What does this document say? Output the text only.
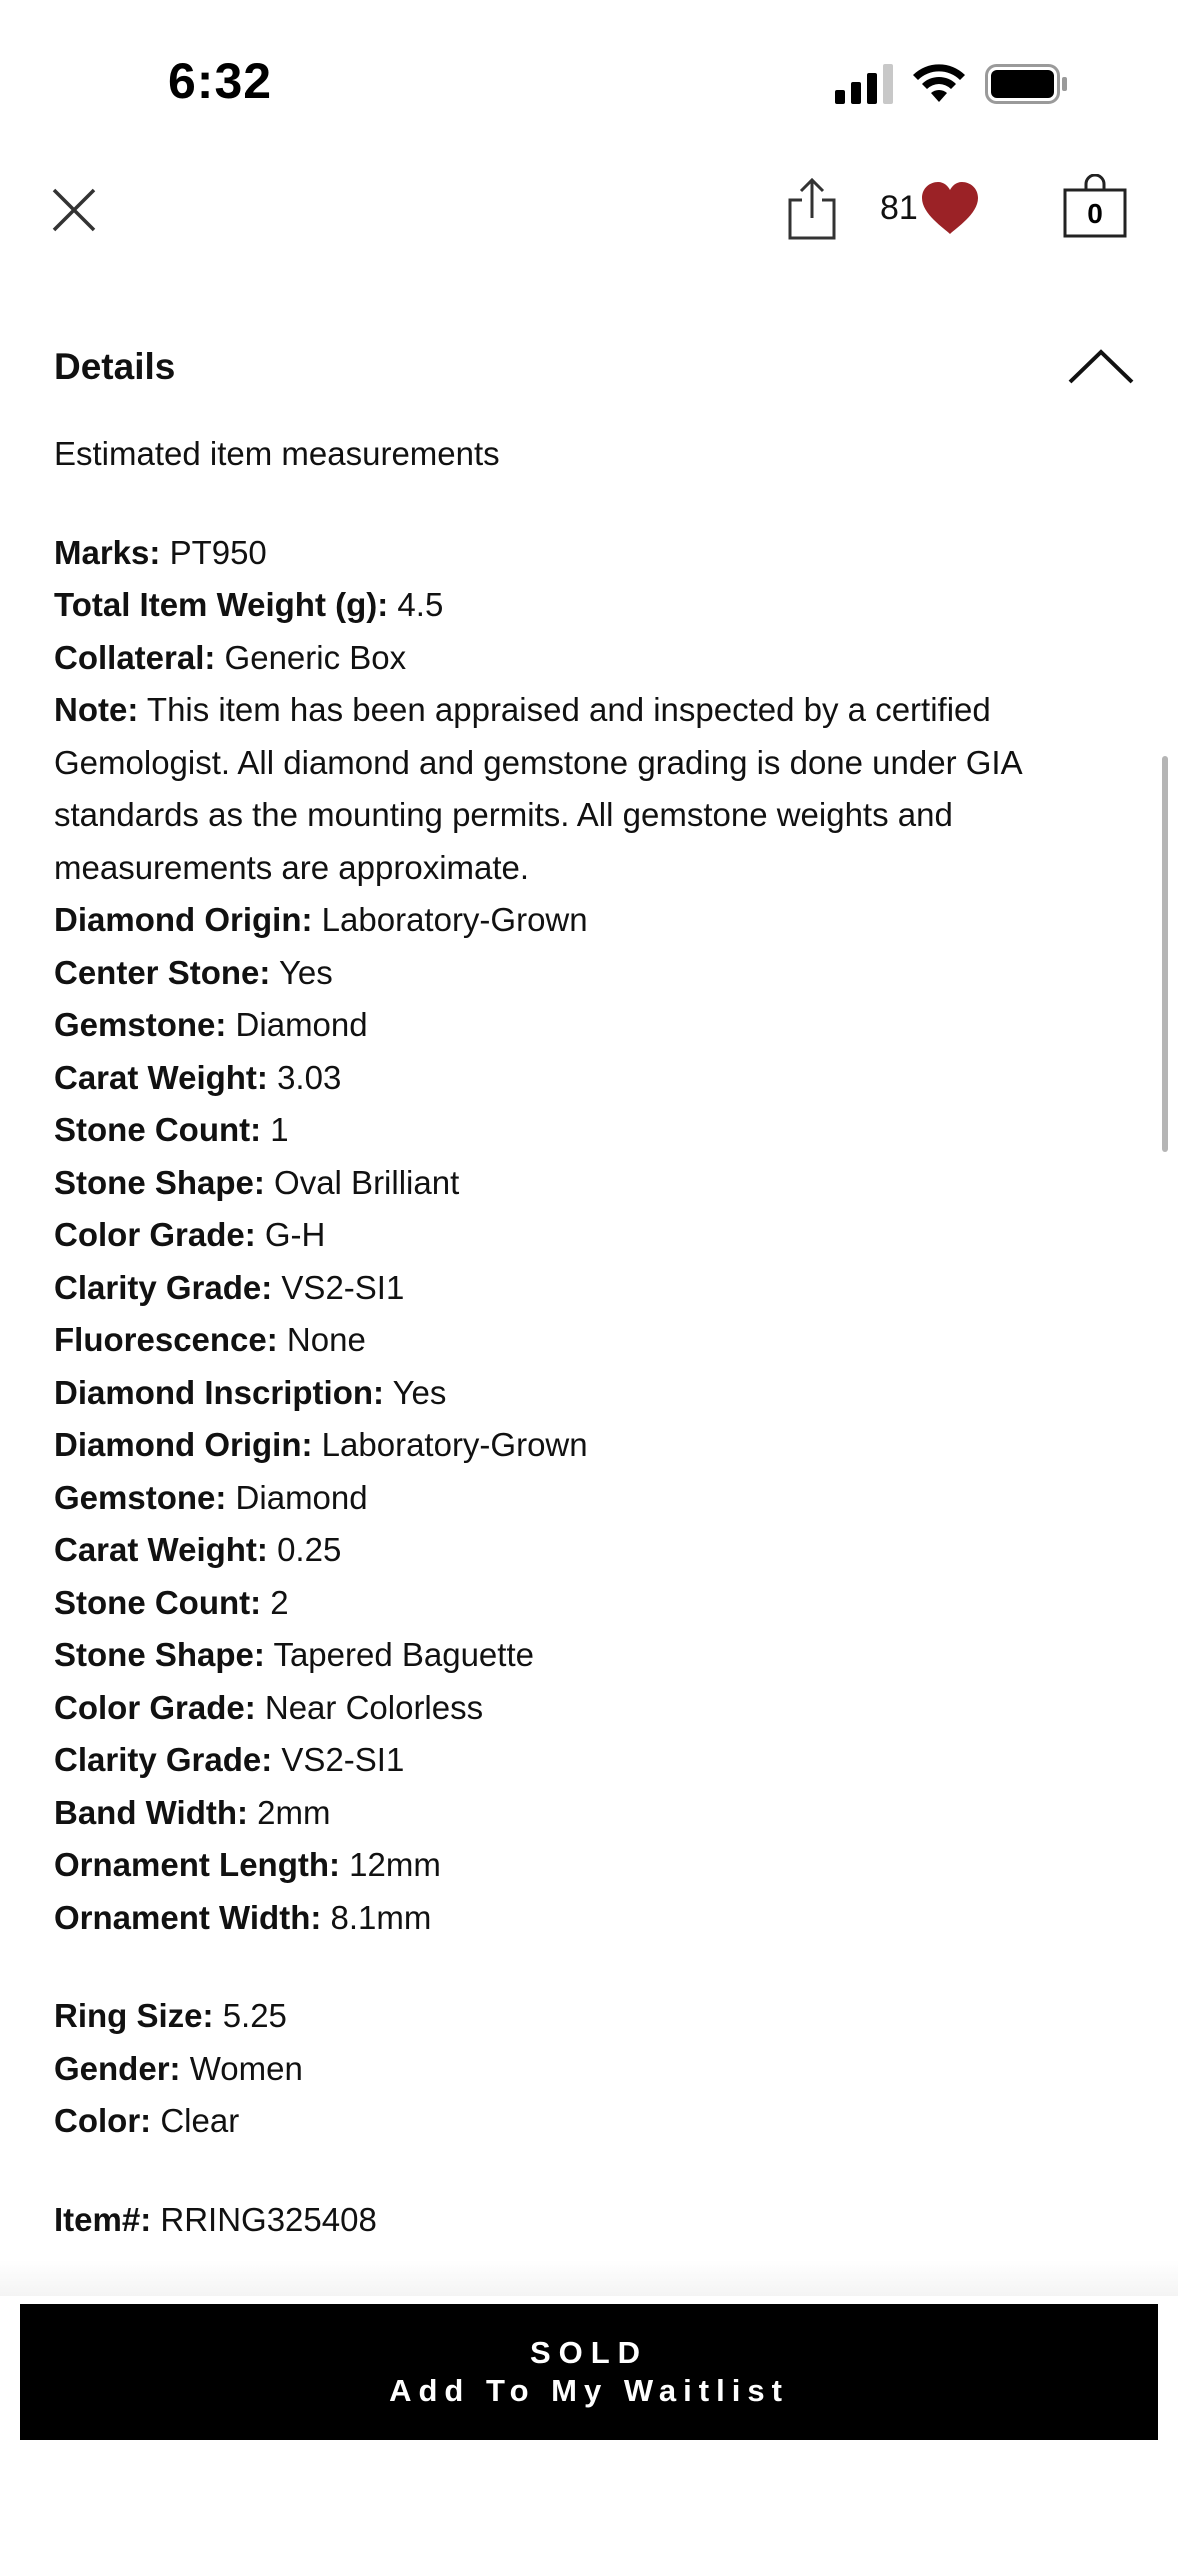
6:32
81	0
Details
Estimated item measurements
Marks: PT950
Total Item Weight (g): 4.5
Collateral: Generic Box
Note: This item has been appraised and inspected by a certified
Gemologist. All diamond and gemstone grading is done under GIA
standards as the mounting permits. All gemstone weights and
measurements are approximate.
Diamond Origin: Laboratory-Grown
Center Stone: Yes
Gemstone: Diamond
Carat Weight: 3.03
Stone Count: 1
Stone Shape: Oval Brilliant
Color Grade: G-H
Clarity Grade: VS2-SI1
Fluorescence: None
Diamond Inscription: Yes
Diamond Origin: Laboratory-Grown
Gemstone: Diamond
Carat Weight: 0.25
Stone Count: 2
Stone Shape: Tapered Baguette
Color Grade: Near Colorless
Clarity Grade: VS2-SI1
Band Width: 2mm
Ornament Length: 12mm
Ornament Width: 8.1mm
Ring Size: 5.25
Gender: Women
Color: Clear
Item#: RRING325408
SOLD
Add To My Waitlist
